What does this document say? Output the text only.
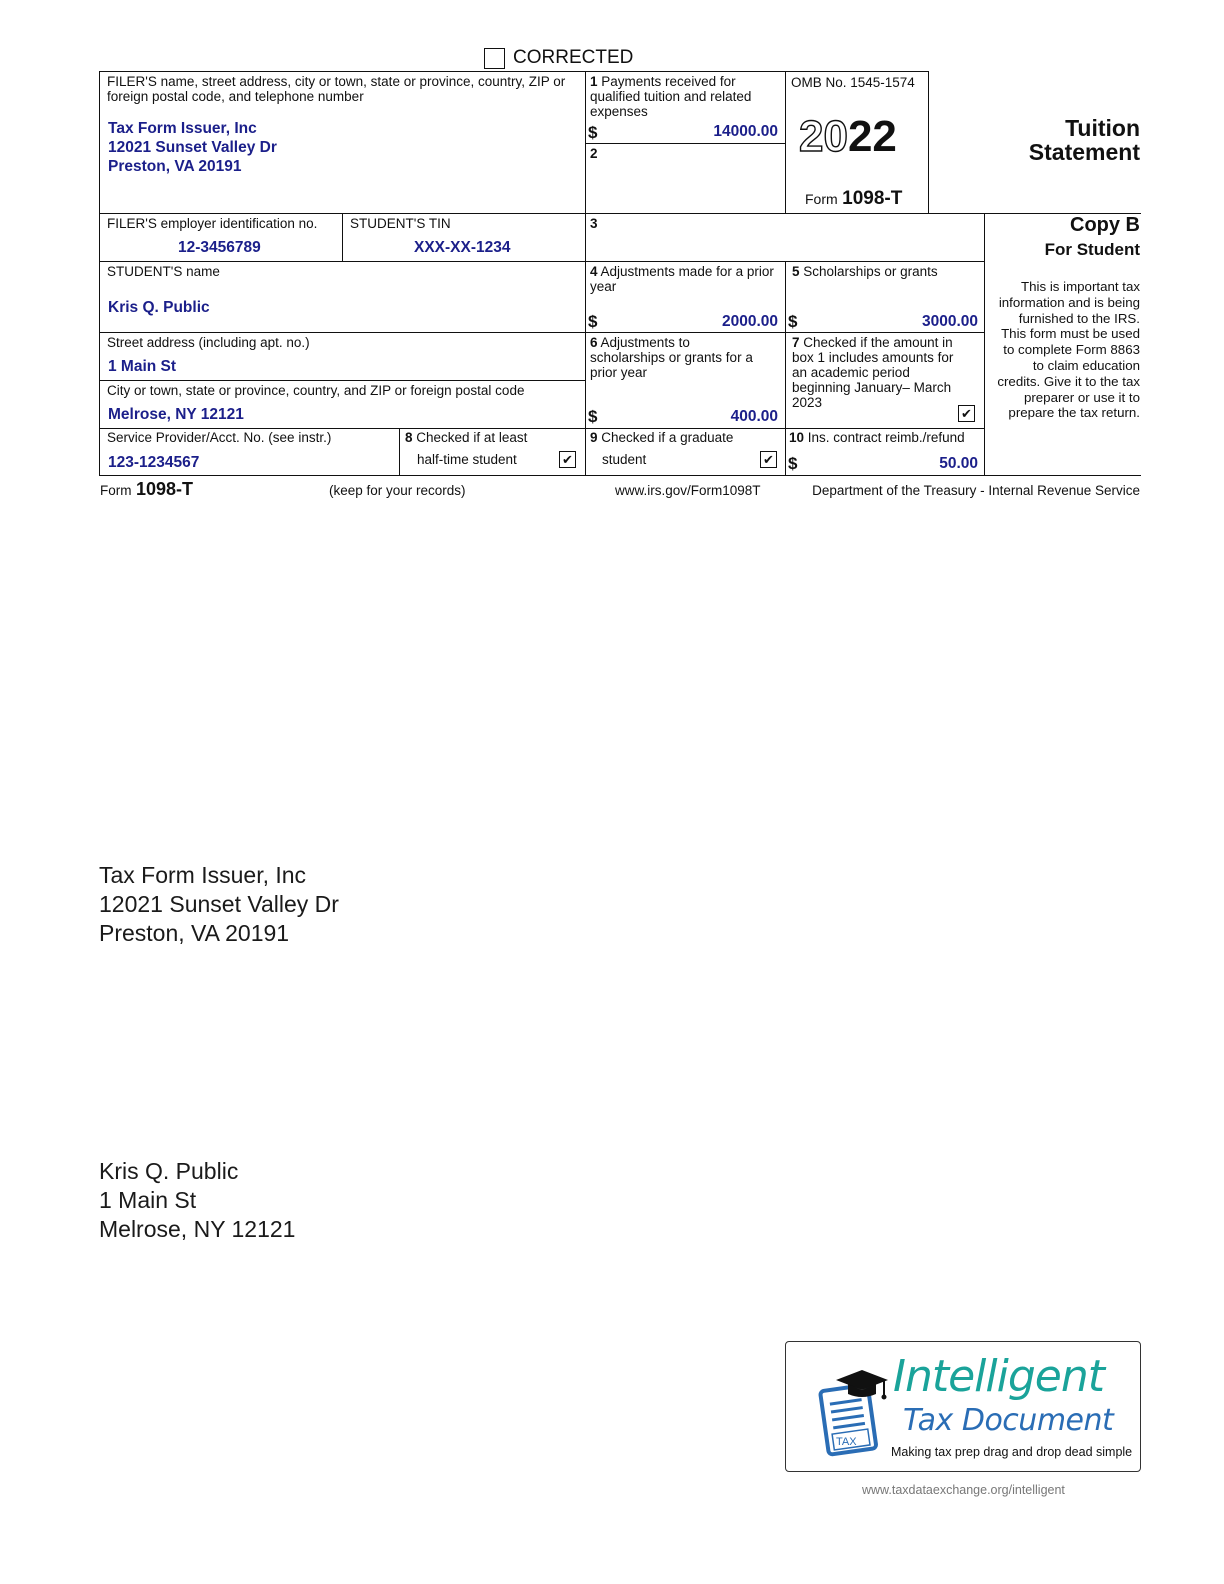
CORRECTED
FILER'S name, street address, city or town, state or province, country, ZIP or foreign postal code, and telephone number
Tax Form Issuer, Inc
12021 Sunset Valley Dr
Preston, VA 20191
1 Payments received for qualified tuition and related expenses
$	14000.00
2
OMB No. 1545-1574
2022
Form 1098-T
Tuition
Statement
FILER'S employer identification no.
12-3456789
STUDENT'S TIN
XXX-XX-1234
3	Copy B
For Student
This is important tax information and is being furnished to the IRS. This form must be used to complete Form 8863 to claim education credits. Give it to the tax preparer or use it to prepare the tax return.
STUDENT'S name
Kris Q. Public
4 Adjustments made for a prior year
$	2000.00
5 Scholarships or grants
$	3000.00
Street address (including apt. no.)
1 Main St
City or town, state or province, country, and ZIP or foreign postal code
Melrose, NY 12121
6 Adjustments to scholarships or grants for a prior year
$	400.00
7 Checked if the amount in box 1 includes amounts for an academic period beginning January– March 2023
✔
Service Provider/Acct. No. (see instr.)
123-1234567
8 Checked if at least
half-time student	✔
9 Checked if a graduate
student	✔
10 Ins. contract reimb./refund
$	50.00
Form 1098-T	(keep for your records)	www.irs.gov/Form1098T	Department of the Treasury - Internal Revenue Service
Tax Form Issuer, Inc
12021 Sunset Valley Dr
Preston, VA 20191
Kris Q. Public
1 Main St
Melrose, NY 12121
TAX
Intelligent
Tax Document
Making tax prep drag and drop dead simple
www.taxdataexchange.org/intelligent
